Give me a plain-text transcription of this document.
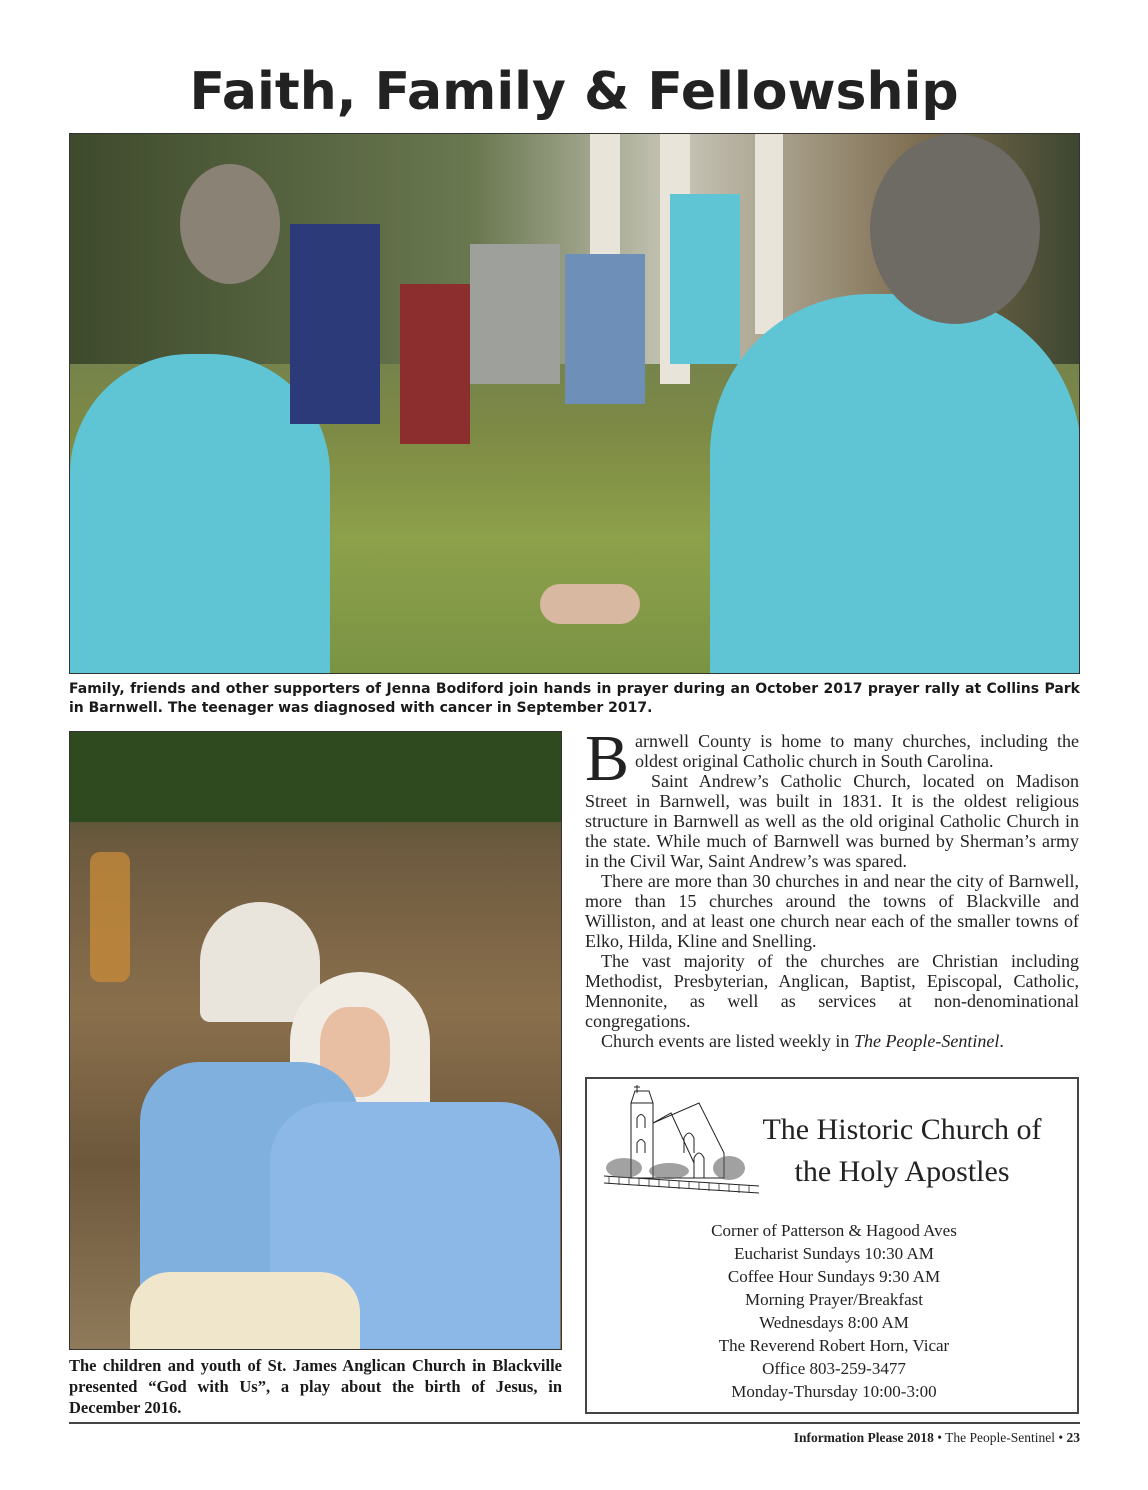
Faith, Family & Fellowship
Family, friends and other supporters of Jenna Bodiford join hands in prayer during an October 2017 prayer rally at Collins Park in Barnwell. The teenager was diagnosed with cancer in September 2017.
The children and youth of St. James Anglican Church in Blackville presented “God with Us”, a play about the birth of Jesus, in December 2016.

Barnwell County is home to many churches, including the oldest original Catholic church in South Carolina.

Saint Andrew’s Catholic Church, located on Madison Street in Barnwell, was built in 1831. It is the oldest religious structure in Barnwell as well as the old original Catholic Church in the state. While much of Barnwell was burned by Sherman’s army in the Civil War, Saint Andrew’s was spared.

There are more than 30 churches in and near the city of Barnwell, more than 15 churches around the towns of Blackville and Williston, and at least one church near each of the smaller towns of Elko, Hilda, Kline and Snelling.

The vast majority of the churches are Christian including Methodist, Presbyterian, Anglican, Baptist, Episcopal, Catholic, Mennonite, as well as services at non-denominational congregations.

Church events are listed weekly in The People-Sentinel.

The Historic Church of
the Holy Apostles
Corner of Patterson & Hagood Aves
Eucharist Sundays 10:30 AM
Coffee Hour Sundays 9:30 AM
Morning Prayer/Breakfast
Wednesdays 8:00 AM
The Reverend Robert Horn, Vicar
Office 803-259-3477
Monday-Thursday 10:00-3:00
Information Please 2018 • The People-Sentinel • 23
